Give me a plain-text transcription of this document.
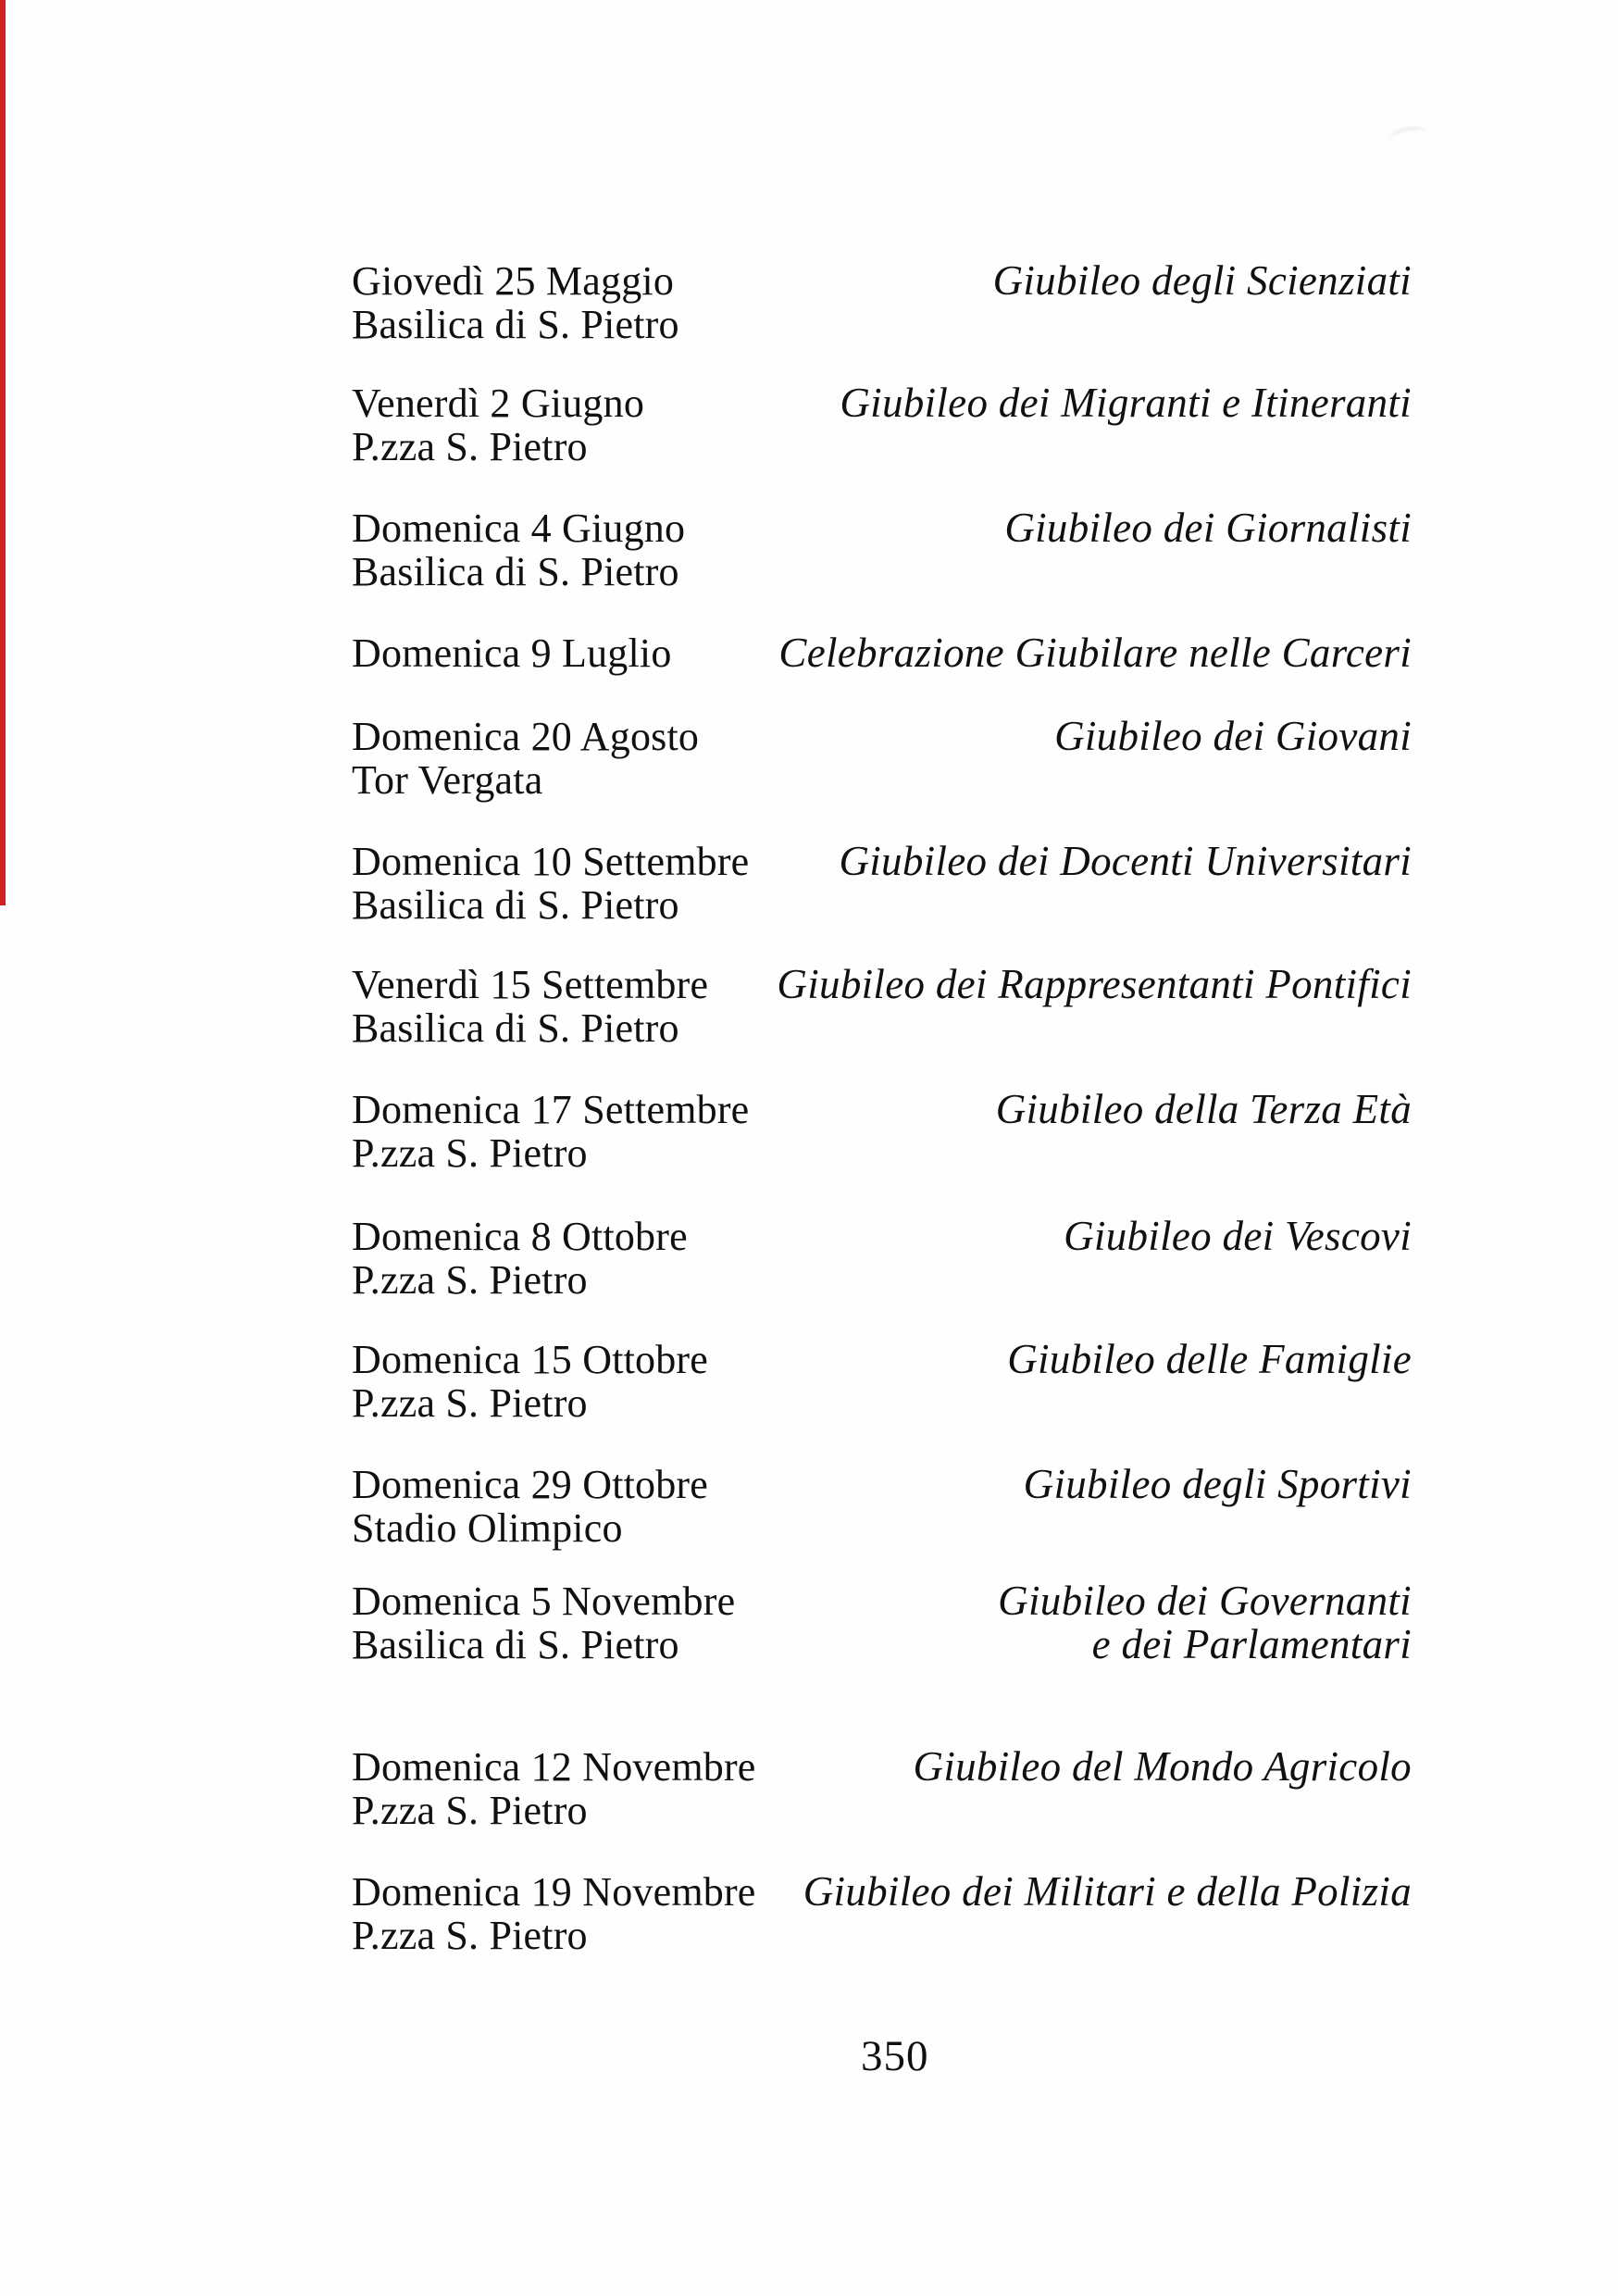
Giovedì 25 Maggio
Basilica di S. Pietro
Giubileo degli Scienziati
Venerdì 2 Giugno
P.zza S. Pietro
Giubileo dei Migranti e Itineranti
Domenica 4 Giugno
Basilica di S. Pietro
Giubileo dei Giornalisti
Domenica 9 Luglio	Celebrazione Giubilare nelle Carceri
Domenica 20 Agosto
Tor Vergata
Giubileo dei Giovani
Domenica 10 Settembre
Basilica di S. Pietro
Giubileo dei Docenti Universitari
Venerdì 15 Settembre
Basilica di S. Pietro
Giubileo dei Rappresentanti Pontifici
Domenica 17 Settembre
P.zza S. Pietro
Giubileo della Terza Età
Domenica 8 Ottobre
P.zza S. Pietro
Giubileo dei Vescovi
Domenica 15 Ottobre
P.zza S. Pietro
Giubileo delle Famiglie
Domenica 29 Ottobre
Stadio Olimpico
Giubileo degli Sportivi
Domenica 5 Novembre
Basilica di S. Pietro
Giubileo dei Governanti
e dei Parlamentari
Domenica 12 Novembre
P.zza S. Pietro
Giubileo del Mondo Agricolo
Domenica 19 Novembre
P.zza S. Pietro
Giubileo dei Militari e della Polizia
350
